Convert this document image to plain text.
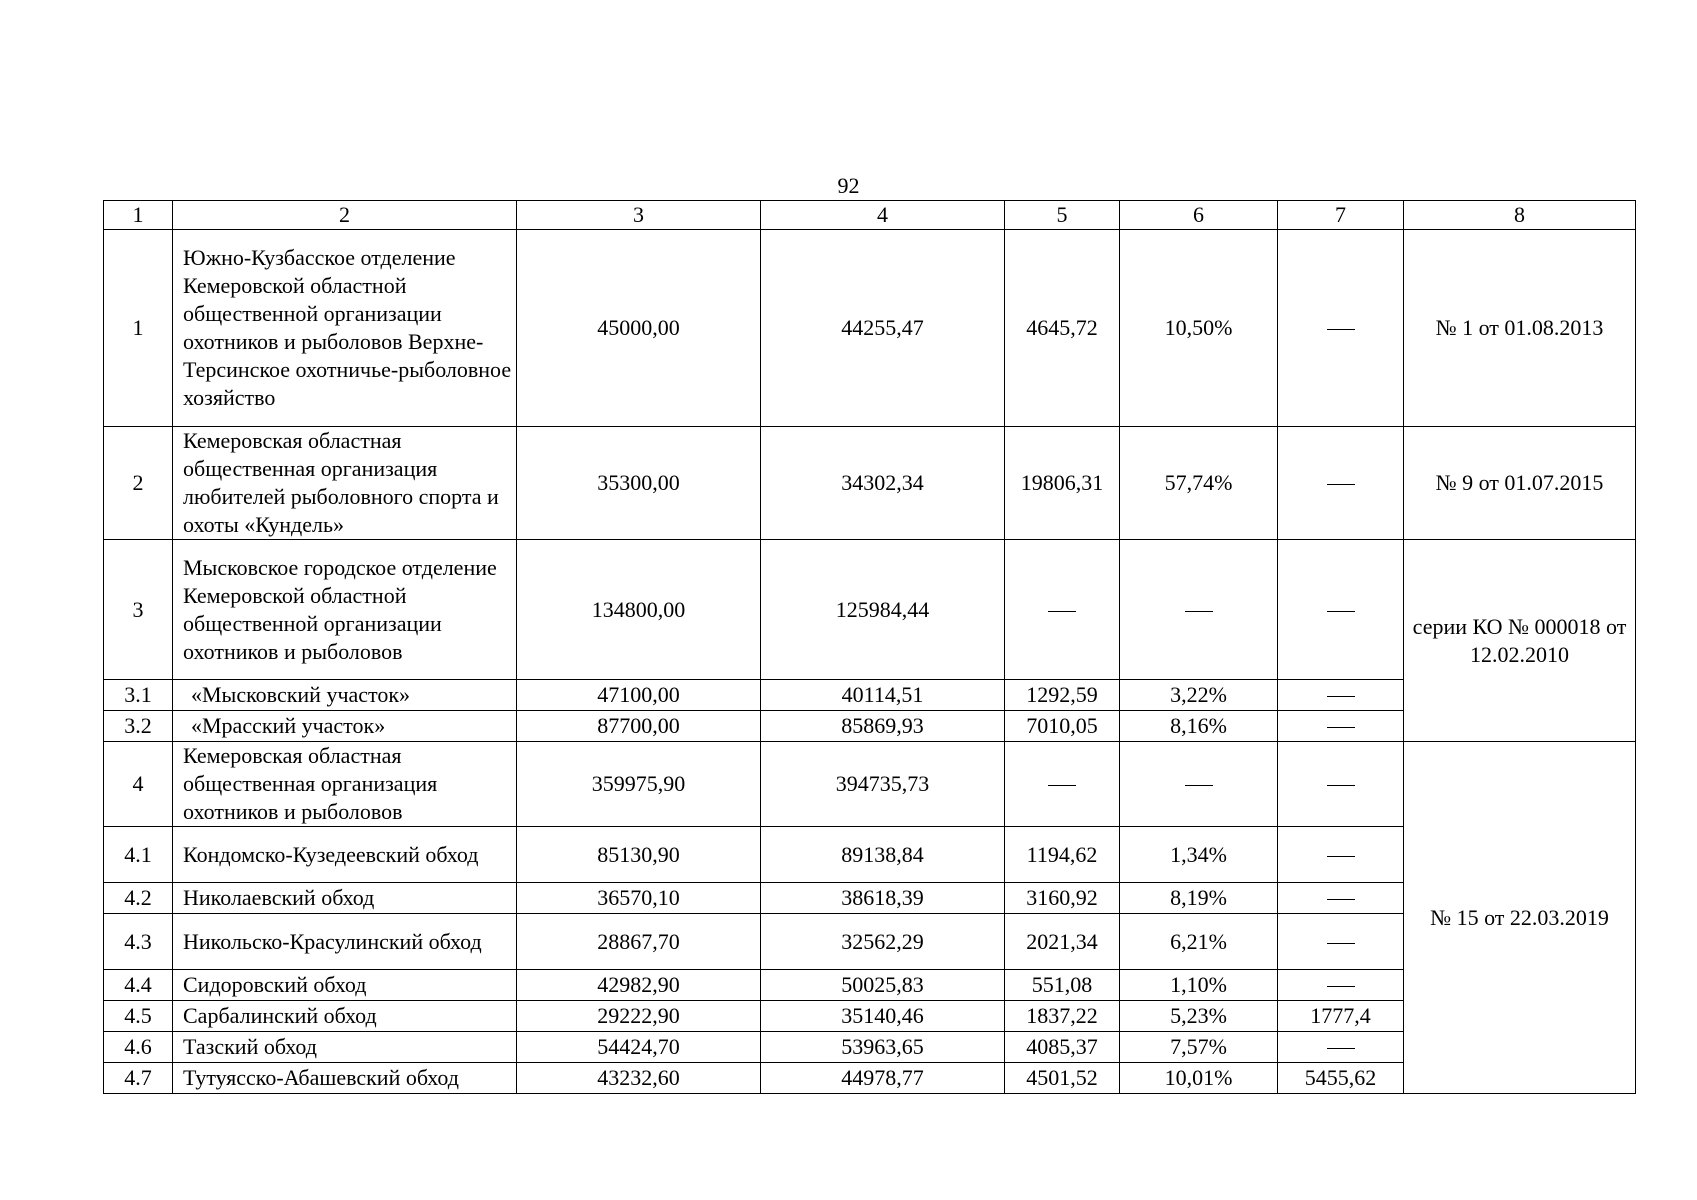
92
1	2	3	4	5	6	7	8
1	Южно-Кузбасское отделение Кемеровской областной общественной организации охотников и рыболовов Верхне-Терсинское охотничье-рыболовное хозяйство	45000,00	44255,47	4645,72	10,50%		№ 1 от 01.08.2013
2	Кемеровская областная общественная организация любителей рыболовного спорта и охоты «Кундель»	35300,00	34302,34	19806,31	57,74%		№ 9 от 01.07.2015
3	Мысковское городское отделение Кемеровской областной общественной организации охотников и рыболовов	134800,00	125984,44				серии КО № 000018 от 12.02.2010
3.1	«Мысковский участок»	47100,00	40114,51	1292,59	3,22%		
3.2	«Мрасский участок»	87700,00	85869,93	7010,05	8,16%		
4	Кемеровская областная общественная организация охотников и рыболовов	359975,90	394735,73				№ 15 от 22.03.2019
4.1	Кондомско-Кузедеевский обход	85130,90	89138,84	1194,62	1,34%		
4.2	Николаевский обход	36570,10	38618,39	3160,92	8,19%		
4.3	Никольско-Красулинский обход	28867,70	32562,29	2021,34	6,21%		
4.4	Сидоровский обход	42982,90	50025,83	551,08	1,10%		
4.5	Сарбалинский обход	29222,90	35140,46	1837,22	5,23%	1777,4	
4.6	Тазский обход	54424,70	53963,65	4085,37	7,57%		
4.7	Тутуясско-Абашевский обход	43232,60	44978,77	4501,52	10,01%	5455,62	
